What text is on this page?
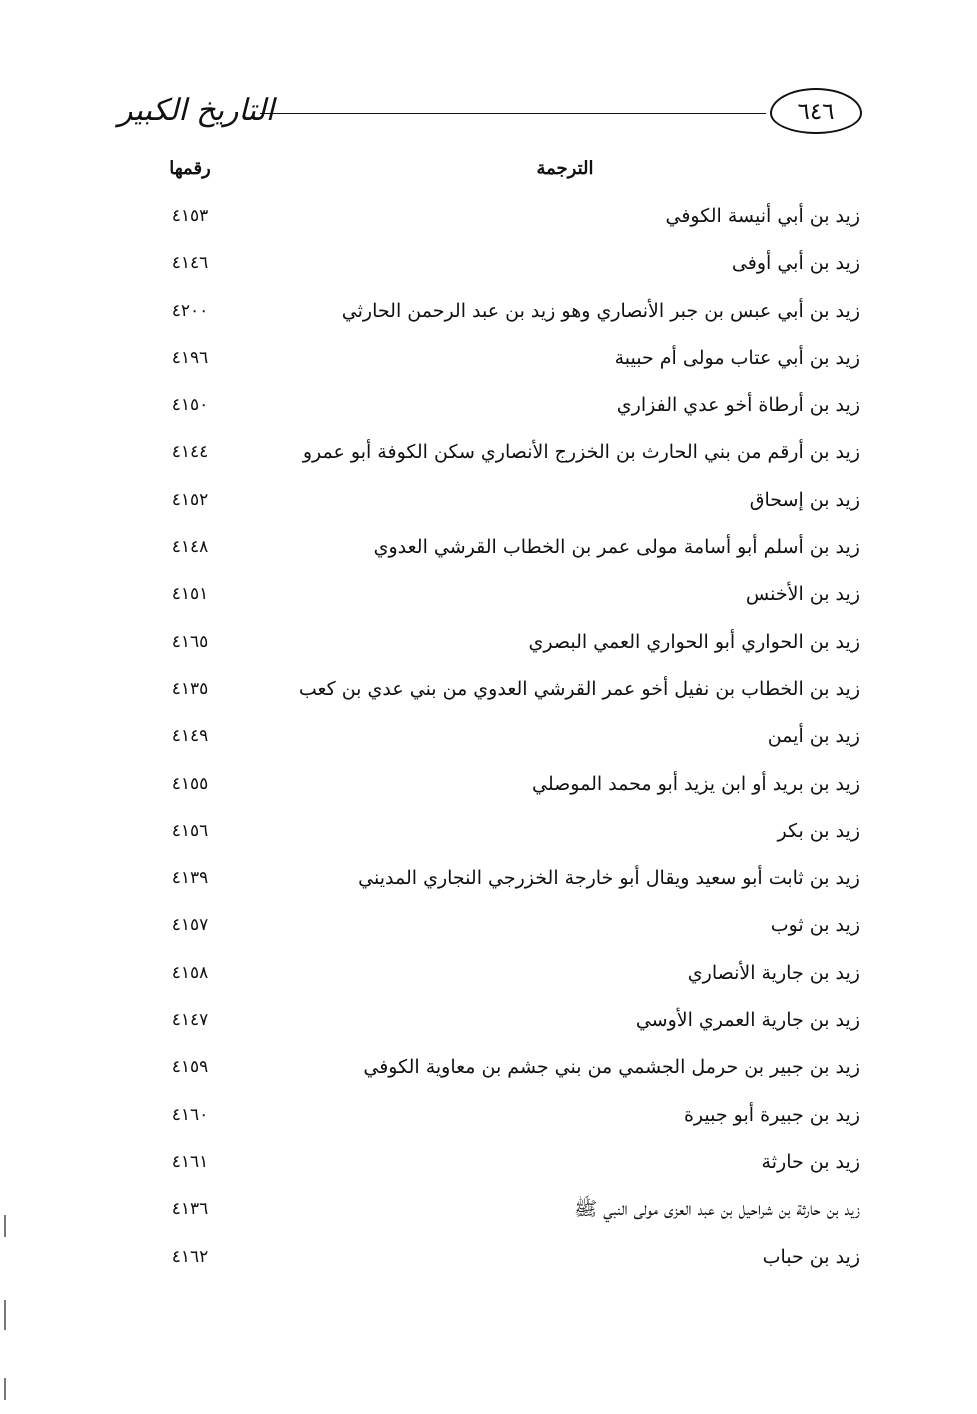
التاريخ الكبير	٦٤٦
الترجمة
رقمها
زيد بن أبي أنيسة الكوفي
٤١٥٣
زيد بن أبي أوفى
٤١٤٦
زيد بن أبي عبس بن جبر الأنصاري وهو زيد بن عبد الرحمن الحارثي
٤٢٠٠
زيد بن أبي عتاب مولى أم حبيبة
٤١٩٦
زيد بن أرطاة أخو عدي الفزاري
٤١٥٠
زيد بن أرقم من بني الحارث بن الخزرج الأنصاري سكن الكوفة أبو عمرو
٤١٤٤
زيد بن إسحاق
٤١٥٢
زيد بن أسلم أبو أسامة مولى عمر بن الخطاب القرشي العدوي
٤١٤٨
زيد بن الأخنس
٤١٥١
زيد بن الحواري أبو الحواري العمي البصري
٤١٦٥
زيد بن الخطاب بن نفيل أخو عمر القرشي العدوي من بني عدي بن كعب
٤١٣٥
زيد بن أيمن
٤١٤٩
زيد بن بريد أو ابن يزيد أبو محمد الموصلي
٤١٥٥
زيد بن بكر
٤١٥٦
زيد بن ثابت أبو سعيد ويقال أبو خارجة الخزرجي النجاري المديني
٤١٣٩
زيد بن ثوب
٤١٥٧
زيد بن جارية الأنصاري
٤١٥٨
زيد بن جارية العمري الأوسي
٤١٤٧
زيد بن جبير بن حرمل الجشمي من بني جشم بن معاوية الكوفي
٤١٥٩
زيد بن جبيرة أبو جبيرة
٤١٦٠
زيد بن حارثة
٤١٦١
زيد بن حارثة بن شراحيل بن عبد العزى مولى النبي ﷺ
٤١٣٦
زيد بن حباب
٤١٦٢
